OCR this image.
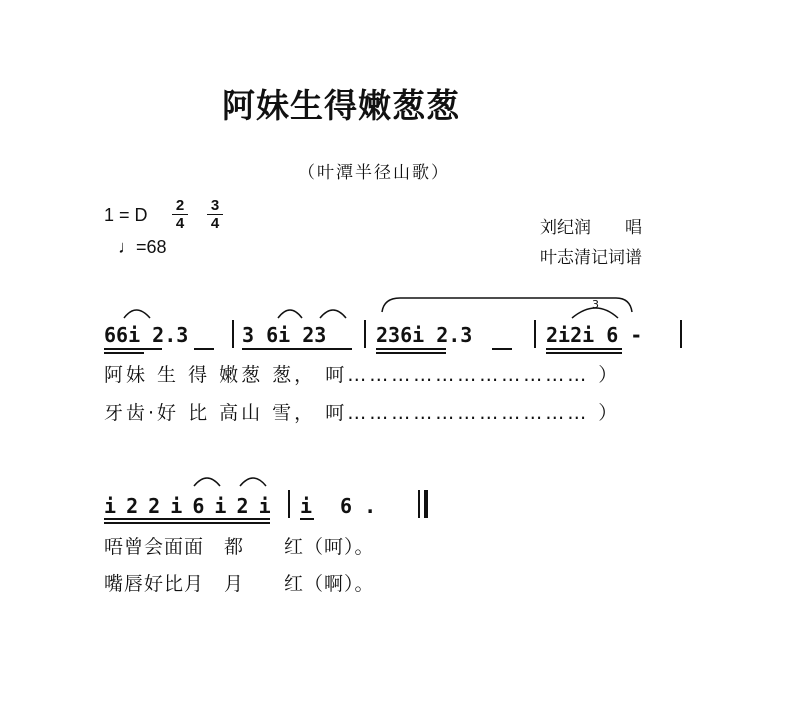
阿妹生得嫩葱葱
（叶潭半径山歌）
1 = D 2
4
3
4
♩=68
刘纪润　　唱
叶志清记词谱
66i 2.3	3 6i 23 236i 2.3	2i2i 6 -
3
阿妹 生 得 嫩葱 葱， 呵…………………………… ）
牙齿·好 比 高山 雪， 呵…………………………… ）
i 2 2 i 6 i 2 i i 6 .
唔曾会面面　都　　红（呵）。
嘴唇好比月　月　　红（啊）。
